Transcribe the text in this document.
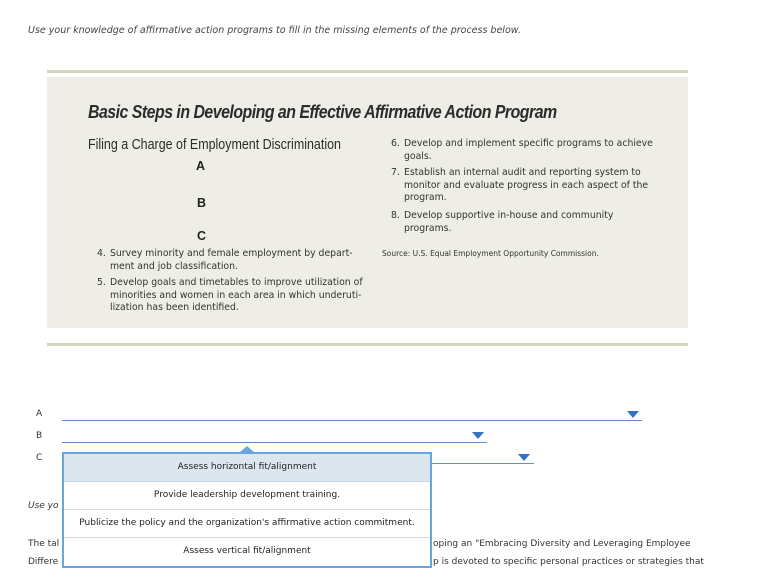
Use your knowledge of affirmative action programs to fill in the missing elements of the process below.
Basic Steps in Developing an Effective Affirmative Action Program
Filing a Charge of Employment Discrimination
A
B
C
4. Survey minority and female employment by depart-
ment and job classification.
5. Develop goals and timetables to improve utilization of
minorities and women in each area in which underuti-
lization has been identified.
6. Develop and implement specific programs to achieve
goals.
7. Establish an internal audit and reporting system to
monitor and evaluate progress in each aspect of the
program.
8. Develop supportive in-house and community
programs.
Source: U.S. Equal Employment Opportunity Commission.
A
B
C
Use yo
The tal
Differe
oping an "Embracing Diversity and Leveraging Employee
p is devoted to specific personal practices or strategies that
Assess horizontal fit/alignment
Provide leadership development training.
Publicize the policy and the organization's affirmative action commitment.
Assess vertical fit/alignment
